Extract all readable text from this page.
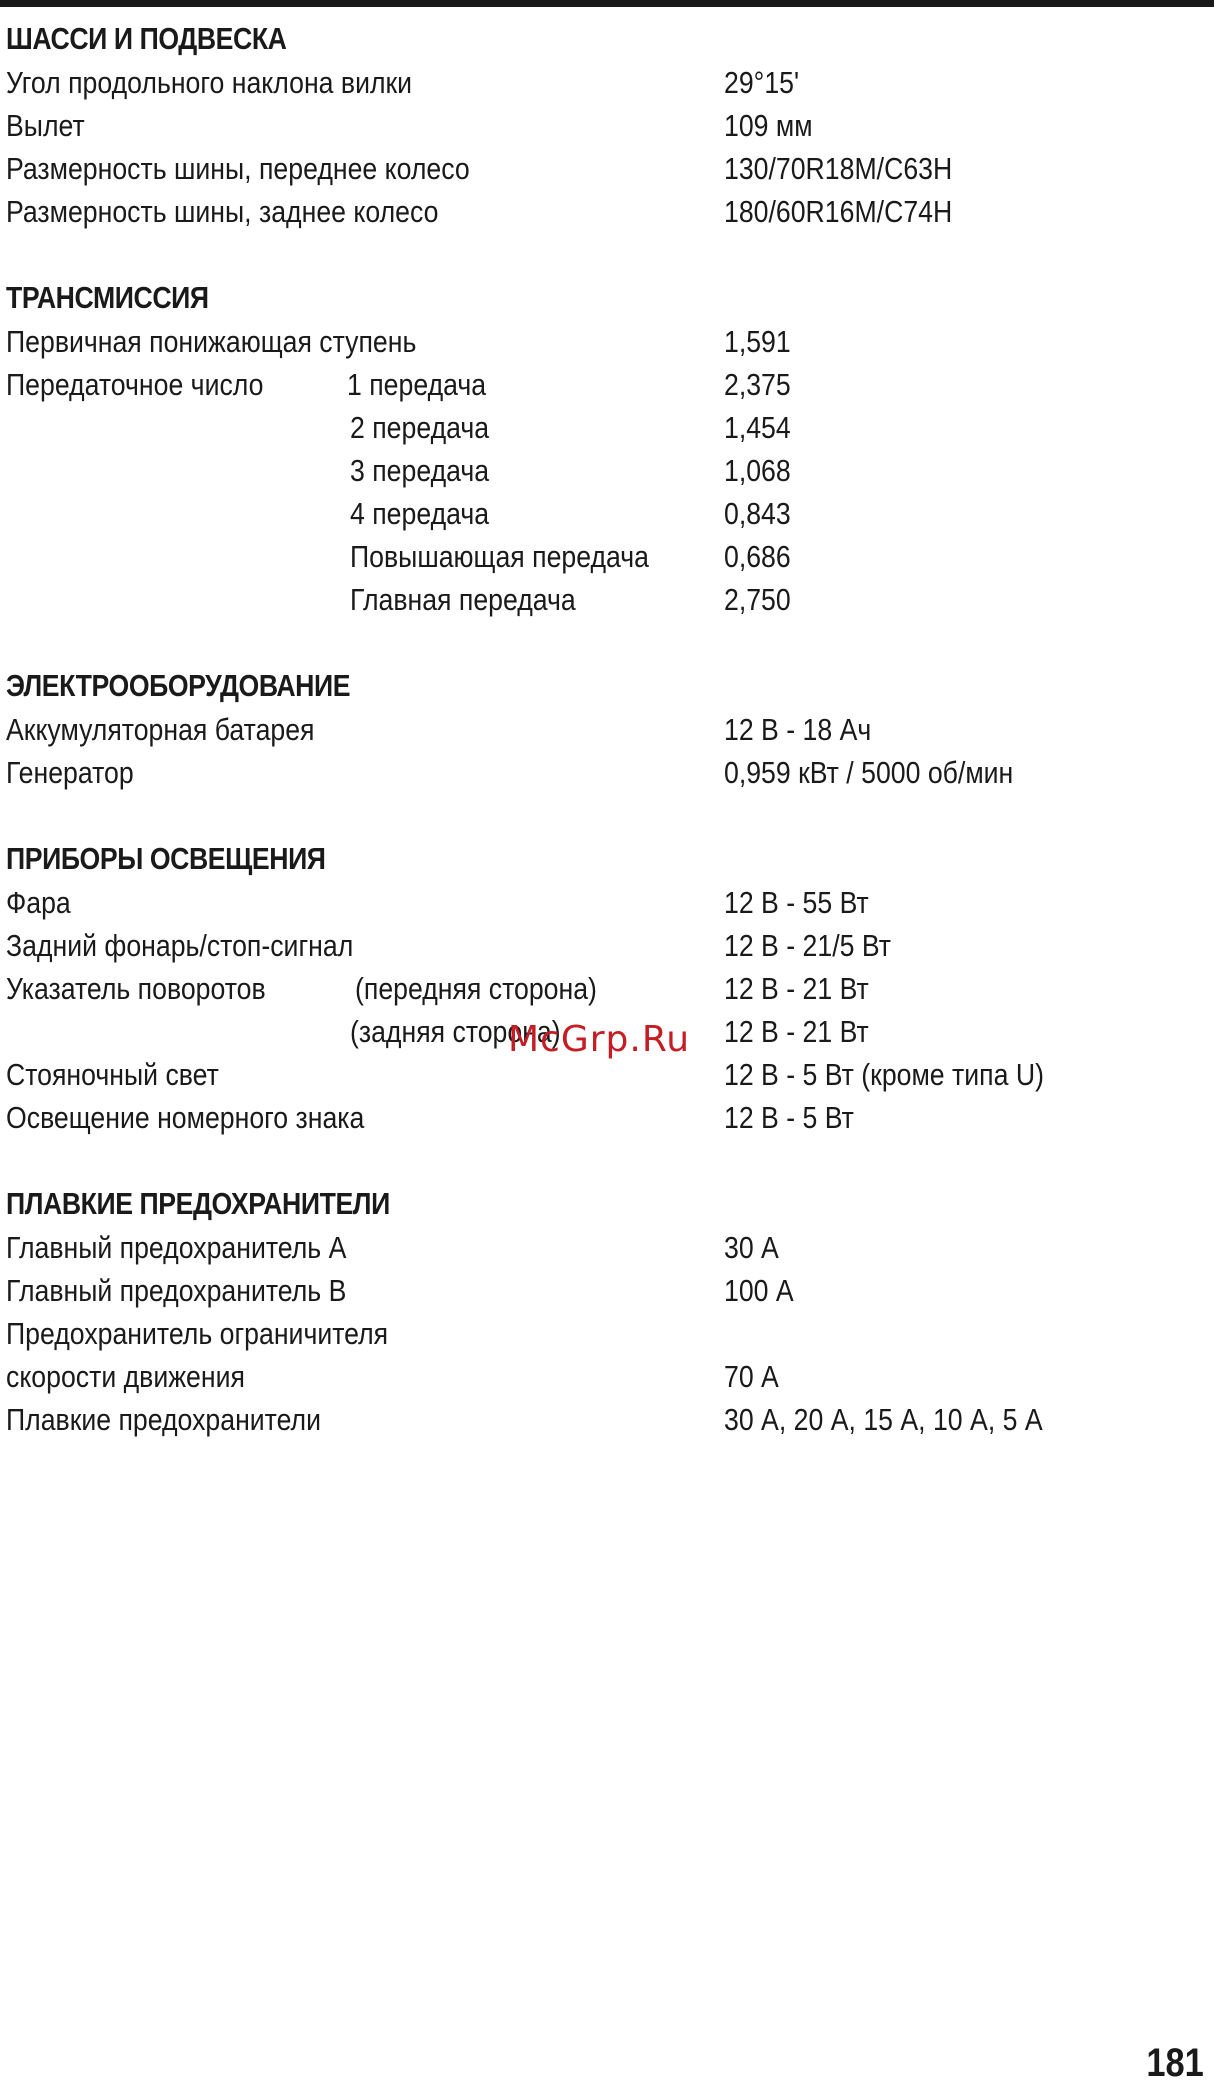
ШАССИ И ПОДВЕСКА
Угол продольного наклона вилки	29°15'
Вылет	109 мм
Размерность шины, переднее колесо	130/70R18M/C63H
Размерность шины, заднее колесо	180/60R16M/C74H
ТРАНСМИССИЯ
Первичная понижающая ступень	1,591
Передаточное число	1 передача	2,375
2 передача	1,454
3 передача	1,068
4 передача	0,843
Повышающая передача 0,686
Главная передача	2,750
ЭЛЕКТРООБОРУДОВАНИЕ
Аккумуляторная батарея	12 В - 18 Ач
Генератор	0,959 кВт / 5000 об/мин
ПРИБОРЫ ОСВЕЩЕНИЯ
Фара	12 В - 55 Вт
Задний фонарь/стоп-сигнал	12 В - 21/5 Вт
Указатель поворотов	(передняя сторона)	12 В - 21 Вт
(задняя сторона)	12 В - 21 Вт
Стояночный свет	12 В - 5 Вт (кроме типа U)
Освещение номерного знака	12 В - 5 Вт
ПЛАВКИЕ ПРЕДОХРАНИТЕЛИ
Главный предохранитель A	30 А
Главный предохранитель B	100 А
Предохранитель ограничителя
скорости движения	70 А
Плавкие предохранители	30 А, 20 А, 15 А, 10 А, 5 А
McGrp.Ru
181
